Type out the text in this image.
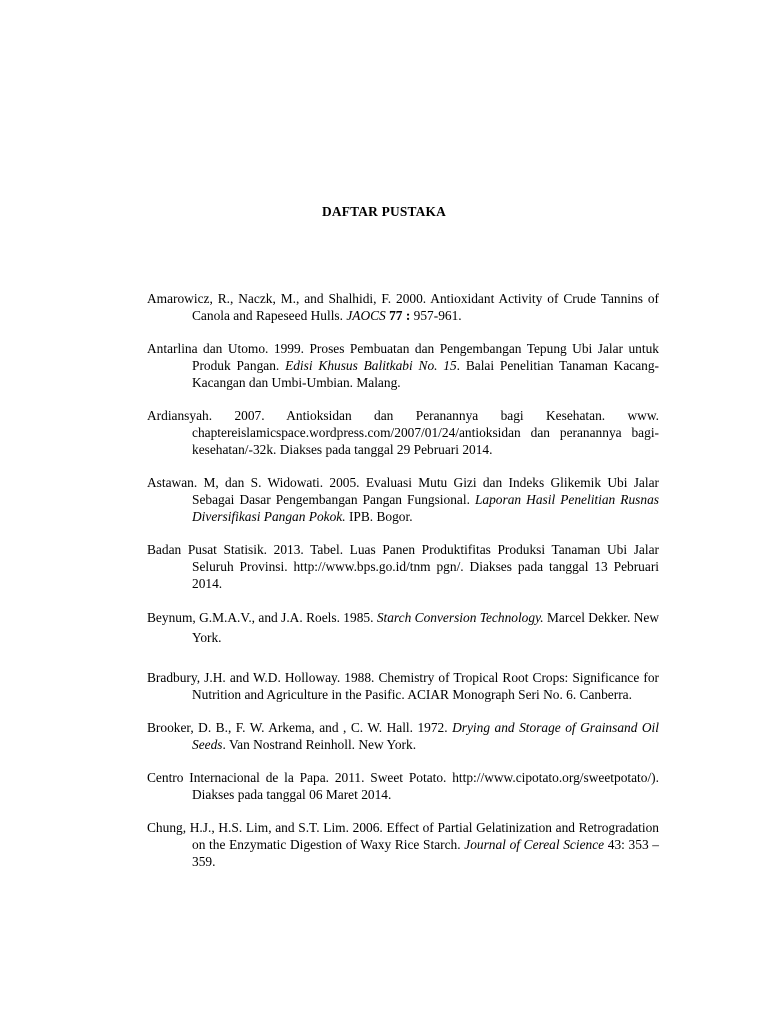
DAFTAR PUSTAKA
Amarowicz, R., Naczk, M., and Shalhidi, F. 2000. Antioxidant Activity of Crude Tannins of Canola and Rapeseed Hulls. JAOCS 77 : 957-961.
Antarlina dan Utomo. 1999. Proses Pembuatan dan Pengembangan Tepung Ubi Jalar untuk Produk Pangan. Edisi Khusus Balitkabi No. 15. Balai Penelitian Tanaman Kacang-Kacangan dan Umbi-Umbian. Malang.
Ardiansyah. 2007. Antioksidan dan Peranannya bagi Kesehatan. www. chaptereislamicspace.wordpress.com/2007/01/24/antioksidan dan peranannya bagi-kesehatan/-32k. Diakses pada tanggal 29 Pebruari 2014.
Astawan. M, dan S. Widowati. 2005. Evaluasi Mutu Gizi dan Indeks Glikemik Ubi Jalar Sebagai Dasar Pengembangan Pangan Fungsional. Laporan Hasil Penelitian Rusnas Diversifikasi Pangan Pokok. IPB. Bogor.
Badan Pusat Statisik. 2013. Tabel. Luas Panen Produktifitas Produksi Tanaman Ubi Jalar Seluruh Provinsi. http://www.bps.go.id/tnm pgn/. Diakses pada tanggal 13 Pebruari 2014.
Beynum, G.M.A.V., and J.A. Roels. 1985. Starch Conversion Technology. Marcel Dekker. New York.
Bradbury, J.H. and W.D. Holloway. 1988. Chemistry of Tropical Root Crops: Significance for Nutrition and Agriculture in the Pasific. ACIAR Monograph Seri No. 6. Canberra.
Brooker, D. B., F. W. Arkema, and , C. W. Hall. 1972. Drying and Storage of Grainsand Oil Seeds. Van Nostrand Reinholl. New York.
Centro Internacional de la Papa. 2011. Sweet Potato. http://www.cipotato.org/sweetpotato/). Diakses pada tanggal 06 Maret 2014.
Chung, H.J., H.S. Lim, and S.T. Lim. 2006. Effect of Partial Gelatinization and Retrogradation on the Enzymatic Digestion of Waxy Rice Starch. Journal of Cereal Science 43: 353 – 359.
